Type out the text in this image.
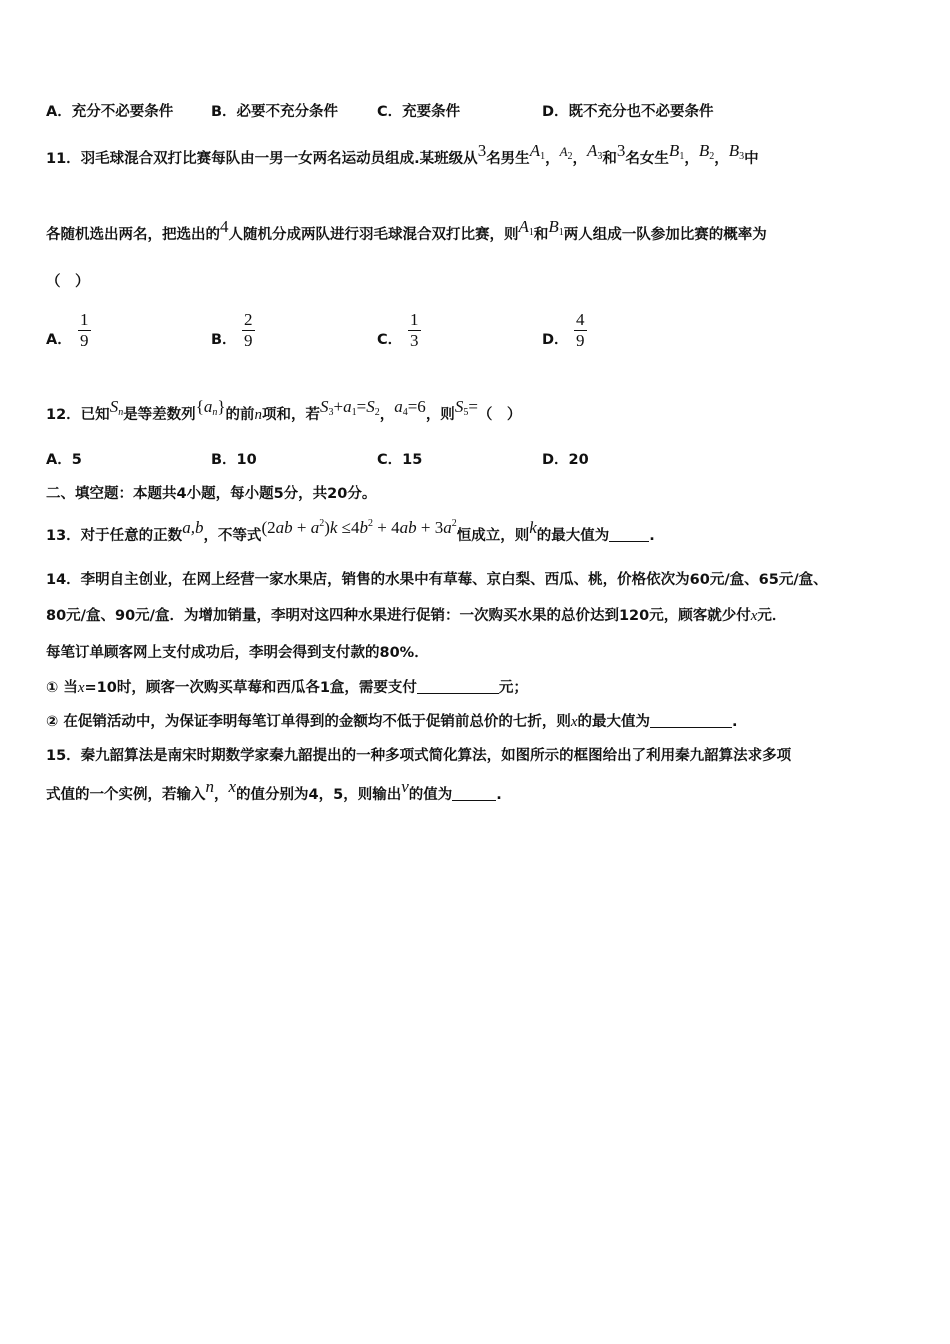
A．充分不必要条件	B．必要不充分条件	C．充要条件	D．既不充分也不必要条件
11．羽毛球混合双打比赛每队由一男一女两名运动员组成.某班级从3名男生$A^1$，$A^2$，$A^3$和3名女生$B^1$，$B^2$，$B^3$中
各随机选出两名，把选出的4人随机分成两队进行羽毛球混合双打比赛，则$A^1$和$B^1$两人组成一队参加比赛的概率为
（　）
A． $\frac{1}{9}$	B． $\frac{2}{9}$	C． $\frac{1}{3}$	D． $\frac{4}{9}$
12．已知$S^n$是等差数列$\{a^n\}$的前n项和，若$S^3+a^1=S^2$，$a^4=6$，则$S^5=$（　）
A．5	B．10	C．15	D．20
二、填空题：本题共4小题，每小题5分，共20分。
13．对于任意的正数a,b，不等式$(2ab + a^2)k \le 4b^2 + 4ab + 3a^2$恒成立，则k的最大值为	.
14．李明自主创业，在网上经营一家水果店，销售的水果中有草莓、京白梨、西瓜、桃，价格依次为60元/盒、65元/盒、
80元/盒、90元/盒．为增加销量，李明对这四种水果进行促销：一次购买水果的总价达到120元，顾客就少付x元．
每笔订单顾客网上支付成功后，李明会得到支付款的80%．
① 当x=10时，顾客一次购买草莓和西瓜各1盒，需要支付	元；
② 在促销活动中，为保证李明每笔订单得到的金额均不低于促销前总价的七折，则x的最大值为	.
15．秦九韶算法是南宋时期数学家秦九韶提出的一种多项式简化算法，如图所示的框图给出了利用秦九韶算法求多项
式值的一个实例，若输入n，x的值分别为4，5，则输出v的值为	.
